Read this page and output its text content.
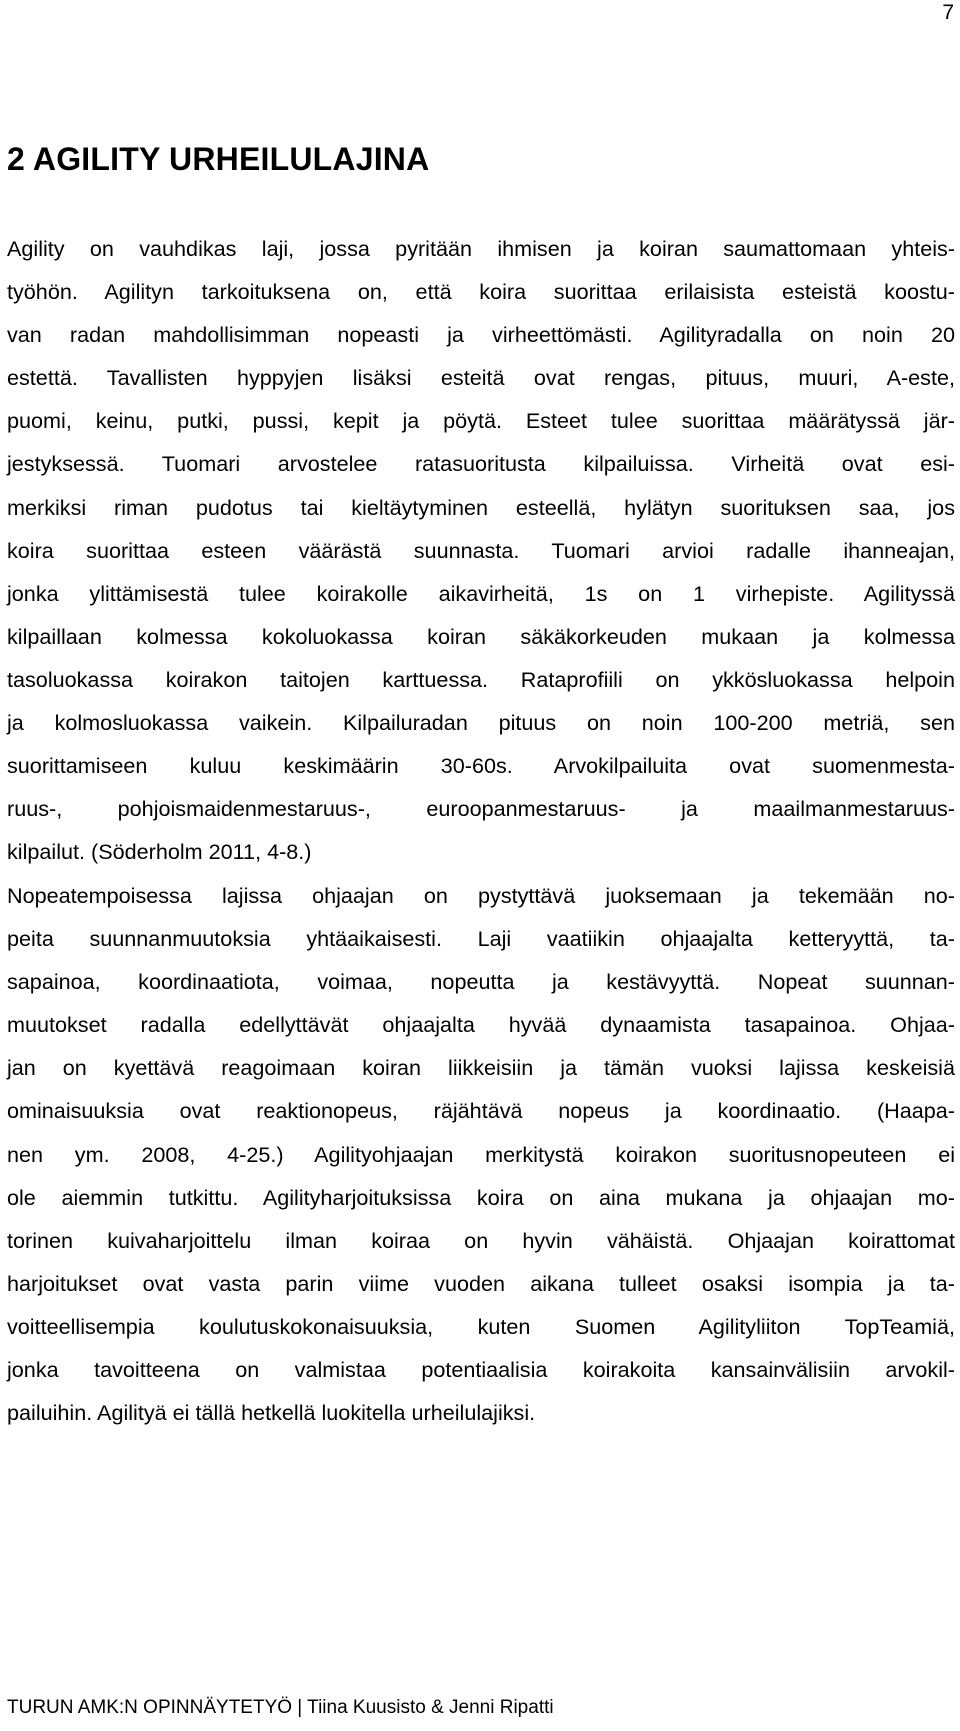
7
2 AGILITY URHEILULAJINA
Agility on vauhdikas laji, jossa pyritään ihmisen ja koiran saumattomaan yhteis-
työhön. Agilityn tarkoituksena on, että koira suorittaa erilaisista esteistä koostu-
van radan mahdollisimman nopeasti ja virheettömästi. Agilityradalla on noin 20
estettä. Tavallisten hyppyjen lisäksi esteitä ovat rengas, pituus, muuri, A-este,
puomi, keinu, putki, pussi, kepit ja pöytä. Esteet tulee suorittaa määrätyssä jär-
jestyksessä. Tuomari arvostelee ratasuoritusta kilpailuissa. Virheitä ovat esi-
merkiksi riman pudotus tai kieltäytyminen esteellä, hylätyn suorituksen saa, jos
koira suorittaa esteen väärästä suunnasta. Tuomari arvioi radalle ihanneajan,
jonka ylittämisestä tulee koirakolle aikavirheitä, 1s on 1 virhepiste. Agilityssä
kilpaillaan kolmessa kokoluokassa koiran säkäkorkeuden mukaan ja kolmessa
tasoluokassa koirakon taitojen karttuessa. Rataprofiili on ykkösluokassa helpoin
ja kolmosluokassa vaikein. Kilpailuradan pituus on noin 100-200 metriä, sen
suorittamiseen kuluu keskimäärin 30-60s. Arvokilpailuita ovat suomenmesta-
ruus-, pohjoismaidenmestaruus-, euroopanmestaruus- ja maailmanmestaruus-
kilpailut. (Söderholm 2011, 4-8.)
Nopeatempoisessa lajissa ohjaajan on pystyttävä juoksemaan ja tekemään no-
peita suunnanmuutoksia yhtäaikaisesti. Laji vaatiikin ohjaajalta ketteryyttä, ta-
sapainoa, koordinaatiota, voimaa, nopeutta ja kestävyyttä. Nopeat suunnan-
muutokset radalla edellyttävät ohjaajalta hyvää dynaamista tasapainoa. Ohjaa-
jan on kyettävä reagoimaan koiran liikkeisiin ja tämän vuoksi lajissa keskeisiä
ominaisuuksia ovat reaktionopeus, räjähtävä nopeus ja koordinaatio. (Haapa-
nen ym. 2008, 4-25.) Agilityohjaajan merkitystä koirakon suoritusnopeuteen ei
ole aiemmin tutkittu. Agilityharjoituksissa koira on aina mukana ja ohjaajan mo-
torinen kuivaharjoittelu ilman koiraa on hyvin vähäistä. Ohjaajan koirattomat
harjoitukset ovat vasta parin viime vuoden aikana tulleet osaksi isompia ja ta-
voitteellisempia koulutuskokonaisuuksia, kuten Suomen Agilityliiton TopTeamiä,
jonka tavoitteena on valmistaa potentiaalisia koirakoita kansainvälisiin arvokil-
pailuihin. Agilityä ei tällä hetkellä luokitella urheilulajiksi.
TURUN AMK:N OPINNÄYTETYÖ | Tiina Kuusisto & Jenni Ripatti
